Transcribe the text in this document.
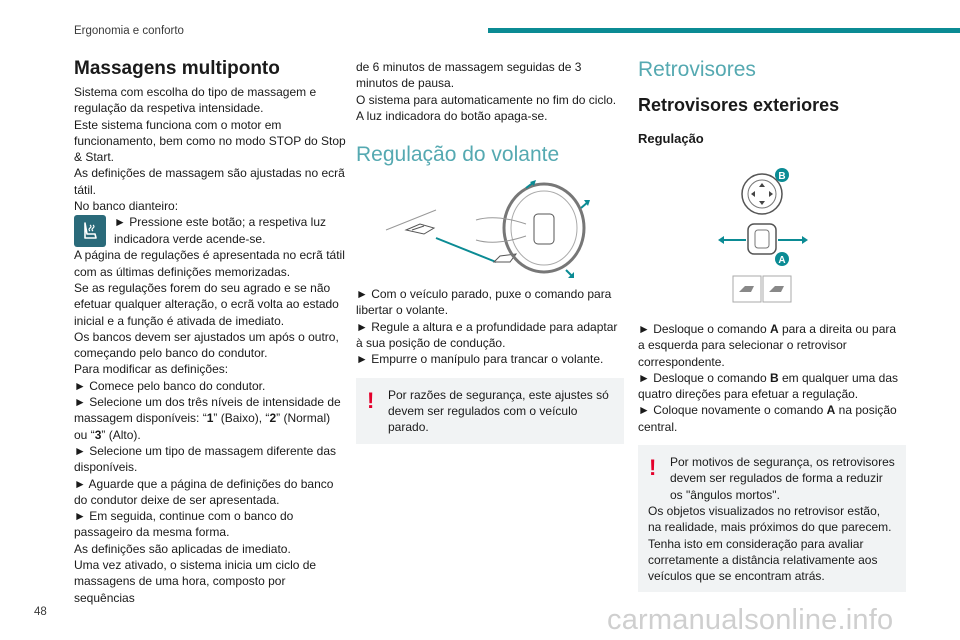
Ergonomia e conforto
48	carmanualsonline.info
Massagens multiponto

Sistema com escolha do tipo de massagem e regulação da respetiva intensidade.

Este sistema funciona com o motor em funcionamento, bem como no modo STOP do Stop & Start.

As definições de massagem são ajustadas no ecrã tátil.

No banco dianteiro:

► Pressione este botão; a respetiva luz indicadora verde acende-se.

A página de regulações é apresentada no ecrã tátil com as últimas definições memorizadas.

Se as regulações forem do seu agrado e se não efetuar qualquer alteração, o ecrã volta ao estado inicial e a função é ativada de imediato.

Os bancos devem ser ajustados um após o outro, começando pelo banco do condutor.

Para modificar as definições:

► Comece pelo banco do condutor.

► Selecione um dos três níveis de intensidade de massagem disponíveis: “1” (Baixo), “2” (Normal) ou “3” (Alto).

► Selecione um tipo de massagem diferente das disponíveis.

► Aguarde que a página de definições do banco do condutor deixe de ser apresentada.

► Em seguida, continue com o banco do passageiro da mesma forma.

As definições são aplicadas de imediato.

Uma vez ativado, o sistema inicia um ciclo de massagens de uma hora, composto por sequências

de 6 minutos de massagem seguidas de 3 minutos de pausa.

O sistema para automaticamente no fim do ciclo. A luz indicadora do botão apaga-se.

Regulação do volante

► Com o veículo parado, puxe o comando para libertar o volante.

► Regule a altura e a profundidade para adaptar à sua posição de condução.

► Empurre o manípulo para trancar o volante.

!	Por razões de segurança, este ajustes só devem ser regulados com o veículo parado.

Retrovisores
Retrovisores exteriores
Regulação
B
A

► Desloque o comando A para a direita ou para a esquerda para selecionar o retrovisor correspondente.

► Desloque o comando B em qualquer uma das quatro direções para efetuar a regulação.

► Coloque novamente o comando A na posição central.

!	Por motivos de segurança, os retrovisores devem ser regulados de forma a reduzir os "ângulos mortos".

Os objetos visualizados no retrovisor estão, na realidade, mais próximos do que parecem. Tenha isto em consideração para avaliar corretamente a distância relativamente aos veículos que se encontram atrás.
